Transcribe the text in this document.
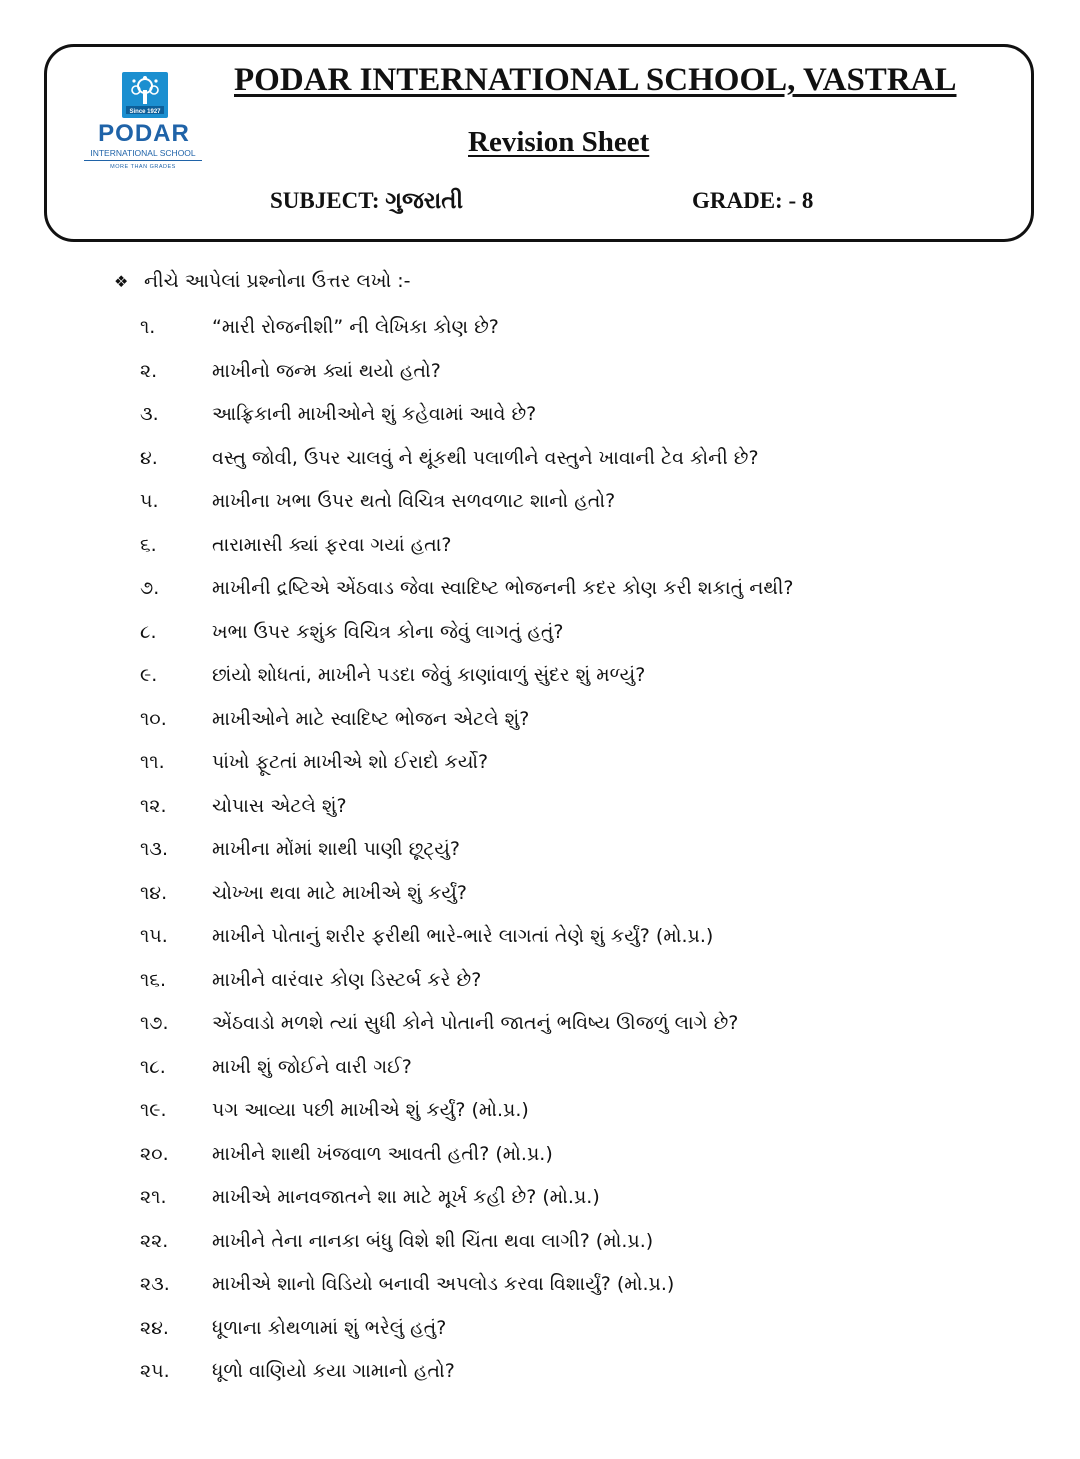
Since 1927
PODAR
INTERNATIONAL SCHOOL
MORE THAN GRADES
PODAR INTERNATIONAL SCHOOL, VASTRAL
Revision Sheet
SUBJECT: ગુજરાતી	GRADE: - 8
❖ નીચે આપેલાં પ્રશ્નોના ઉત્તર લખો :-
૧.	“મારી રોજનીશી” ની લેખિકા કોણ છે?
૨.	માખીનો જન્મ ક્યાં થયો હતો?
૩.	આફ્રિકાની માખીઓને શું કહેવામાં આવે છે?
૪.	વસ્તુ જોવી, ઉપર ચાલવું ને થૂંકથી પલાળીને વસ્તુને ખાવાની ટેવ કોની છે?
૫.	માખીના ખભા ઉપર થતો વિચિત્ર સળવળાટ શાનો હતો?
૬.	તારામાસી ક્યાં ફરવા ગયાં હતા?
૭.	માખીની દ્રષ્ટિએ એંઠવાડ જેવા સ્વાદિષ્ટ ભોજનની કદર કોણ કરી શકાતું નથી?
૮.	ખભા ઉપર કશુંક વિચિત્ર કોના જેવું લાગતું હતું?
૯.	છાંયો શોધતાં, માખીને પડદા જેવું કાણાંવાળું સુંદર શું મળ્યું?
૧૦.	માખીઓને માટે સ્વાદિષ્ટ ભોજન એટલે શું?
૧૧.	પાંખો ફૂટતાં માખીએ શો ઈરાદો કર્યો?
૧૨.	ચોપાસ એટલે શું?
૧૩.	માખીના મોંમાં શાથી પાણી છૂટ્યું?
૧૪.	ચોખ્ખા થવા માટે માખીએ શું કર્યું?
૧૫.	માખીને પોતાનું શરીર ફરીથી ભારે-ભારે લાગતાં તેણે શું કર્યું? (મો.પ્ર.)
૧૬.	માખીને વારંવાર કોણ ડિસ્ટર્બ કરે છે?
૧૭.	એંઠવાડો મળશે ત્યાં સુધી કોને પોતાની જાતનું ભવિષ્ય ઊજળું લાગે છે?
૧૮.	માખી શું જોઈને વારી ગઈ?
૧૯.	પગ આવ્યા પછી માખીએ શું કર્યું? (મો.પ્ર.)
૨૦.	માખીને શાથી ખંજવાળ આવતી હતી? (મો.પ્ર.)
૨૧.	માખીએ માનવજાતને શા માટે મૂર્ખ કહી છે? (મો.પ્ર.)
૨૨.	માખીને તેના નાનકા બંધુ વિશે શી ચિંતા થવા લાગી? (મો.પ્ર.)
૨૩.	માખીએ શાનો વિડિયો બનાવી અપલોડ કરવા વિશાર્યું? (મો.પ્ર.)
૨૪.	ધૂળાના કોથળામાં શું ભરેલું હતું?
૨૫.	ધૂળો વાણિયો કયા ગામાનો હતો?
